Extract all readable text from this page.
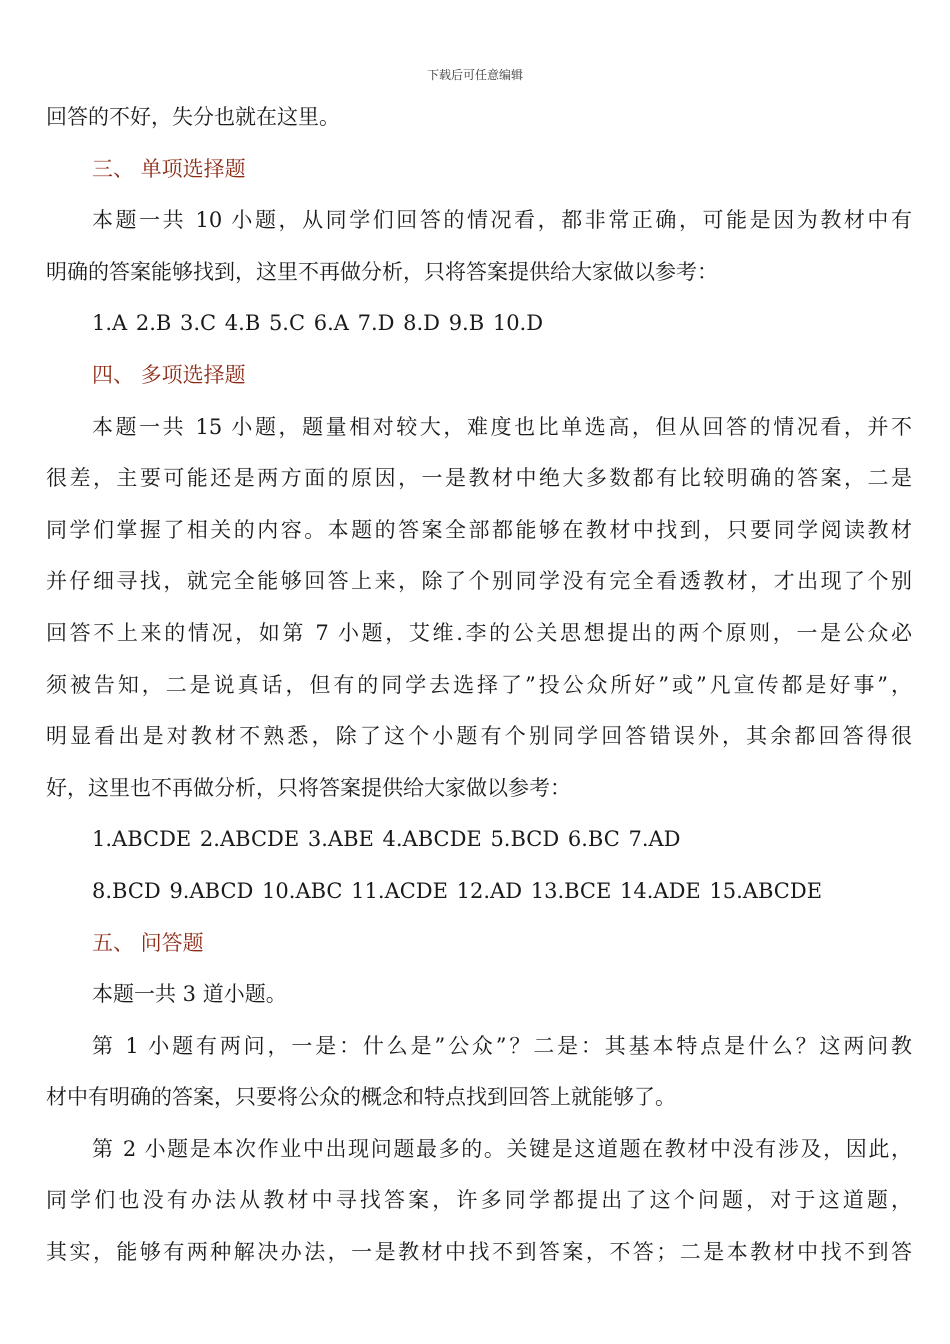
下载后可任意编辑
回答的不好，失分也就在这里。
三、 单项选择题
本题一共 10 小题，从同学们回答的情况看，都非常正确，可能是因为教材中有
明确的答案能够找到，这里不再做分析，只将答案提供给大家做以参考：
1.A 2.B 3.C 4.B 5.C 6.A 7.D 8.D 9.B 10.D
四、 多项选择题
本题一共 15 小题，题量相对较大，难度也比单选高，但从回答的情况看，并不
很差，主要可能还是两方面的原因，一是教材中绝大多数都有比较明确的答案，二是
同学们掌握了相关的内容。本题的答案全部都能够在教材中找到，只要同学阅读教材
并仔细寻找，就完全能够回答上来，除了个别同学没有完全看透教材，才出现了个别
回答不上来的情况，如第 7 小题，艾维.李的公关思想提出的两个原则，一是公众必
须被告知，二是说真话，但有的同学去选择了”投公众所好”或”凡宣传都是好事”，
明显看出是对教材不熟悉，除了这个小题有个别同学回答错误外，其余都回答得很
好，这里也不再做分析，只将答案提供给大家做以参考：
1.ABCDE 2.ABCDE 3.ABE 4.ABCDE 5.BCD 6.BC 7.AD
8.BCD 9.ABCD 10.ABC 11.ACDE 12.AD 13.BCE 14.ADE 15.ABCDE
五、 问答题
本题一共 3 道小题。
第 1 小题有两问，一是：什么是”公众”？二是：其基本特点是什么？这两问教
材中有明确的答案，只要将公众的概念和特点找到回答上就能够了。
第 2 小题是本次作业中出现问题最多的。关键是这道题在教材中没有涉及，因此，
同学们也没有办法从教材中寻找答案，许多同学都提出了这个问题，对于这道题，
其实，能够有两种解决办法，一是教材中找不到答案，不答；二是本教材中找不到答
